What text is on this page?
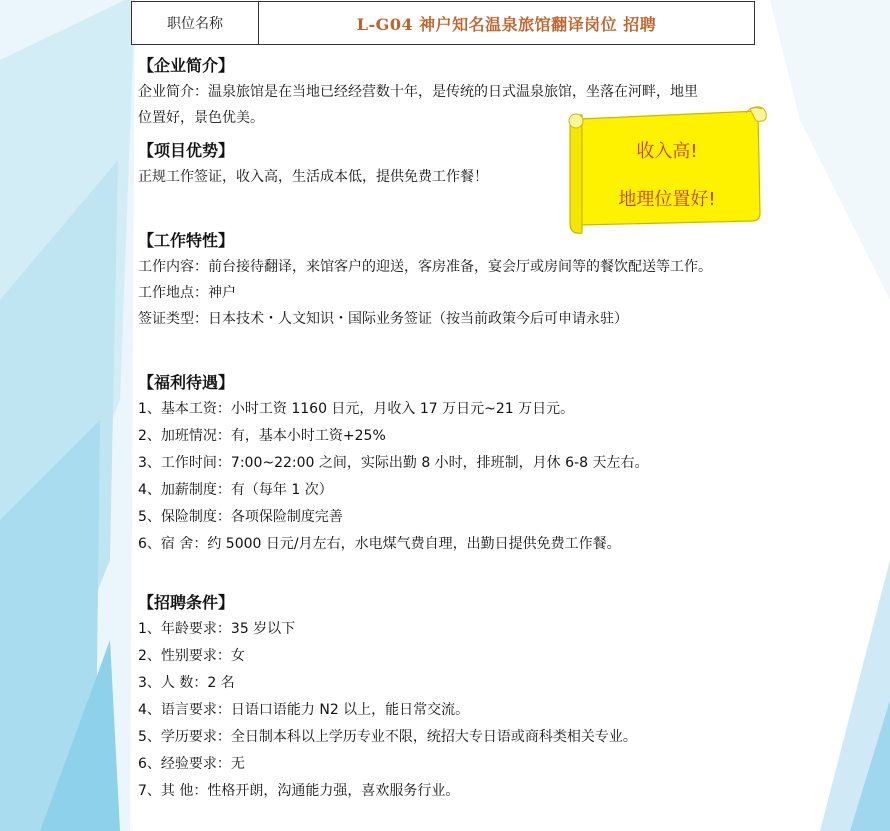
职位名称	L-G04 神户知名温泉旅馆翻译岗位 招聘
【企业简介】
企业简介：温泉旅馆是在当地已经经营数十年，是传统的日式温泉旅馆，坐落在河畔，地里
位置好，景色优美。
【项目优势】
正规工作签证，收入高，生活成本低，提供免费工作餐！
【工作特性】
工作内容：前台接待翻译，来馆客户的迎送，客房准备，宴会厅或房间等的餐饮配送等工作。
工作地点：神户
签证类型：日本技术・人文知识・国际业务签证（按当前政策今后可申请永驻）
【福利待遇】
1、基本工资：小时工资 1160 日元，月收入 17 万日元~21 万日元。
2、加班情况：有，基本小时工资+25%
3、工作时间：7:00~22:00 之间，实际出勤 8 小时，排班制，月休 6-8 天左右。
4、加薪制度：有（每年 1 次）
5、保险制度：各项保险制度完善
6、宿 舍：约 5000 日元/月左右，水电煤气费自理，出勤日提供免费工作餐。
【招聘条件】
1、年龄要求：35 岁以下
2、性别要求：女
3、人 数：2 名
4、语言要求：日语口语能力 N2 以上，能日常交流。
5、学历要求：全日制本科以上学历专业不限，统招大专日语或商科类相关专业。
6、经验要求：无
7、其 他：性格开朗，沟通能力强，喜欢服务行业。
收入高!
地理位置好!
